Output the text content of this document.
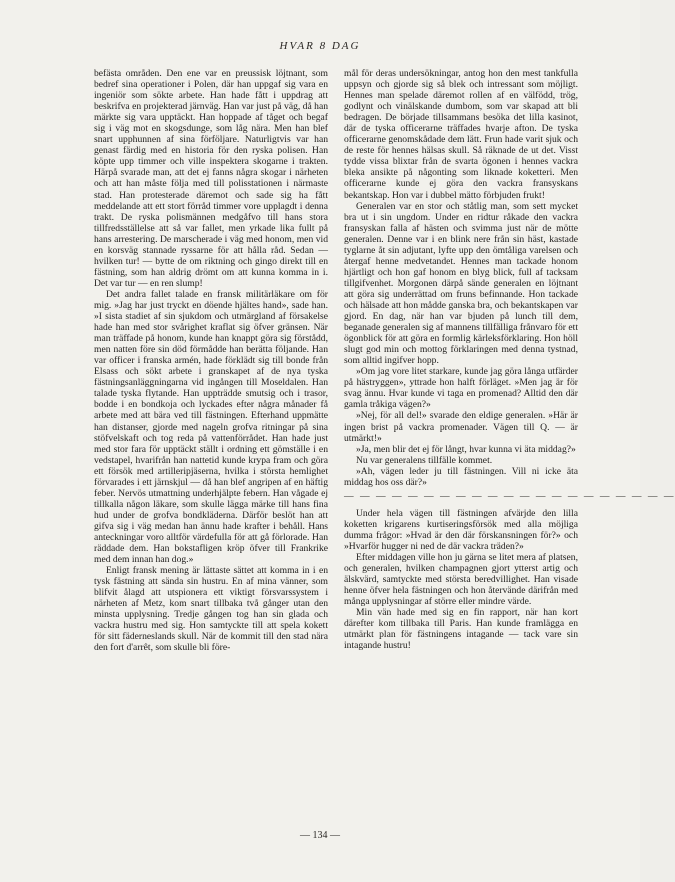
HVAR 8 DAG

befästa områden. Den ene var en preussisk löjtnant, som bedref sina operationer i Polen, där han uppgaf sig vara en ingeniör som sökte arbete. Han hade fått i uppdrag att beskrifva en projekterad järnväg. Han var just på väg, då han märkte sig vara upptäckt. Han hoppade af tåget och begaf sig i väg mot en skogsdunge, som låg nära. Men han blef snart upphunnen af sina förföljare. Naturligtvis var han genast färdig med en historia för den ryska polisen. Han köpte upp timmer och ville inspektera skogarne i trakten. Härpå svarade man, att det ej fanns några skogar i närheten och att han måste följa med till polisstationen i närmaste stad. Han protesterade däremot och sade sig ha fått meddelande att ett stort förråd timmer vore upplagdt i denna trakt. De ryska polismännen medgåfvo till hans stora tillfredsställelse att så var fallet, men yrkade lika fullt på hans arrestering. De marscherade i väg med honom, men vid en korsväg stannade ryssarne för att hålla råd. Sedan — hvilken tur! — bytte de om riktning och gingo direkt till en fästning, som han aldrig drömt om att kunna komma in i. Det var tur — en ren slump!

Det andra fallet talade en fransk militärläkare om för mig. »Jag har just tryckt en döende hjältes hand», sade han. »I sista stadiet af sin sjukdom och utmärgland af försakelse hade han med stor svårighet kraflat sig öfver gränsen. När man träffade på honom, kunde han knappt göra sig förstådd, men natten före sin död förmådde han berätta följande. Han var officer i franska armén, hade förklädt sig till bonde från Elsass och sökt arbete i granskapet af de nya tyska fästningsanläggningarna vid ingången till Moseldalen. Han talade tyska flytande. Han uppträdde smutsig och i trasor, bodde i en bondkoja och lyckades efter några månader få arbete med att bära ved till fästningen. Efterhand uppmätte han distanser, gjorde med nageln grofva ritningar på sina stöfvelskaft och tog reda på vattenförrådet. Han hade just med stor fara för upptäckt ställt i ordning ett gömställe i en vedstapel, hvarifrån han nattetid kunde krypa fram och göra ett försök med artilleripjäserna, hvilka i största hemlighet förvarades i ett järnskjul — då han blef angripen af en häftig feber. Nervös utmattning underhjälpte febern. Han vågade ej tillkalla någon läkare, som skulle lägga märke till hans fina hud under de grofva bondkläderna. Därför beslöt han att gifva sig i väg medan han ännu hade krafter i behåll. Hans anteckningar voro alltför värdefulla för att gå förlorade. Han räddade dem. Han bokstafligen kröp öfver till Frankrike med dem innan han dog.»

Enligt fransk mening är lättaste sättet att komma in i en tysk fästning att sända sin hustru. En af mina vänner, som blifvit ålagd att utspionera ett viktigt försvarssystem i närheten af Metz, kom snart tillbaka två gånger utan den minsta upplysning. Tredje gången tog han sin glada och vackra hustru med sig. Hon samtyckte till att spela kokett för sitt fäderneslands skull. När de kommit till den stad nära den fort d'arrêt, som skulle bli före-

mål för deras undersökningar, antog hon den mest tankfulla uppsyn och gjorde sig så blek och intressant som möjligt. Hennes man spelade däremot rollen af en välfödd, trög, godlynt och vinälskande dumbom, som var skapad att bli bedragen. De började tillsammans besöka det lilla kasinot, där de tyska officerarne träffades hvarje afton. De tyska officerarne genomskådade dem lätt. Frun hade varit sjuk och de reste för hennes hälsas skull. Så räknade de ut det. Visst tydde vissa blixtar från de svarta ögonen i hennes vackra bleka ansikte på någonting som liknade koketteri. Men officerarne kunde ej göra den vackra fransyskans bekantskap. Hon var i dubbel mätto förbjuden frukt!

Generalen var en stor och ståtlig man, som sett mycket bra ut i sin ungdom. Under en ridtur råkade den vackra fransyskan falla af hästen och svimma just när de mötte generalen. Denne var i en blink nere från sin häst, kastade tyglarne åt sin adjutant, lyfte upp den ömtåliga varelsen och återgaf henne medvetandet. Hennes man tackade honom hjärtligt och hon gaf honom en blyg blick, full af tacksam tillgifvenhet. Morgonen därpå sände generalen en löjtnant att göra sig underrättad om fruns befinnande. Hon tackade och hälsade att hon mådde ganska bra, och bekantskapen var gjord. En dag, när han var bjuden på lunch till dem, beganade generalen sig af mannens tillfälliga frånvaro för ett ögonblick för att göra en formlig kärleksförklaring. Hon höll slugt god min och mottog förklaringen med denna tystnad, som alltid ingifver hopp.

»Om jag vore litet starkare, kunde jag göra långa utfärder på hästryggen», yttrade hon halft förläget. »Men jag är för svag ännu. Hvar kunde vi taga en promenad? Alltid den där gamla tråkiga vägen?»

»Nej, för all del!» svarade den eldige generalen. »Här är ingen brist på vackra promenader. Vägen till Q. — är utmärkt!»

»Ja, men blir det ej för långt, hvar kunna vi äta middag?»

Nu var generalens tillfälle kommet.

»Ah, vägen leder ju till fästningen. Vill ni icke äta middag hos oss där?»

— — — — — — — — — — — — — — — — — — — — —

Under hela vägen till fästningen afvärjde den lilla koketten krigarens kurtiseringsförsök med alla möjliga dumma frågor: »Hvad är den där förskansningen för?» och »Hvarför hugger ni ned de där vackra träden?»

Efter middagen ville hon ju gärna se litet mera af platsen, och generalen, hvilken champagnen gjort ytterst artig och älskvärd, samtyckte med största beredvillighet. Han visade henne öfver hela fästningen och hon återvände därifrån med många upplysningar af större eller mindre värde.

Min vän hade med sig en fin rapport, när han kort därefter kom tillbaka till Paris. Han kunde framlägga en utmärkt plan för fästningens intagande — tack vare sin intagande hustru!

— 134 —
